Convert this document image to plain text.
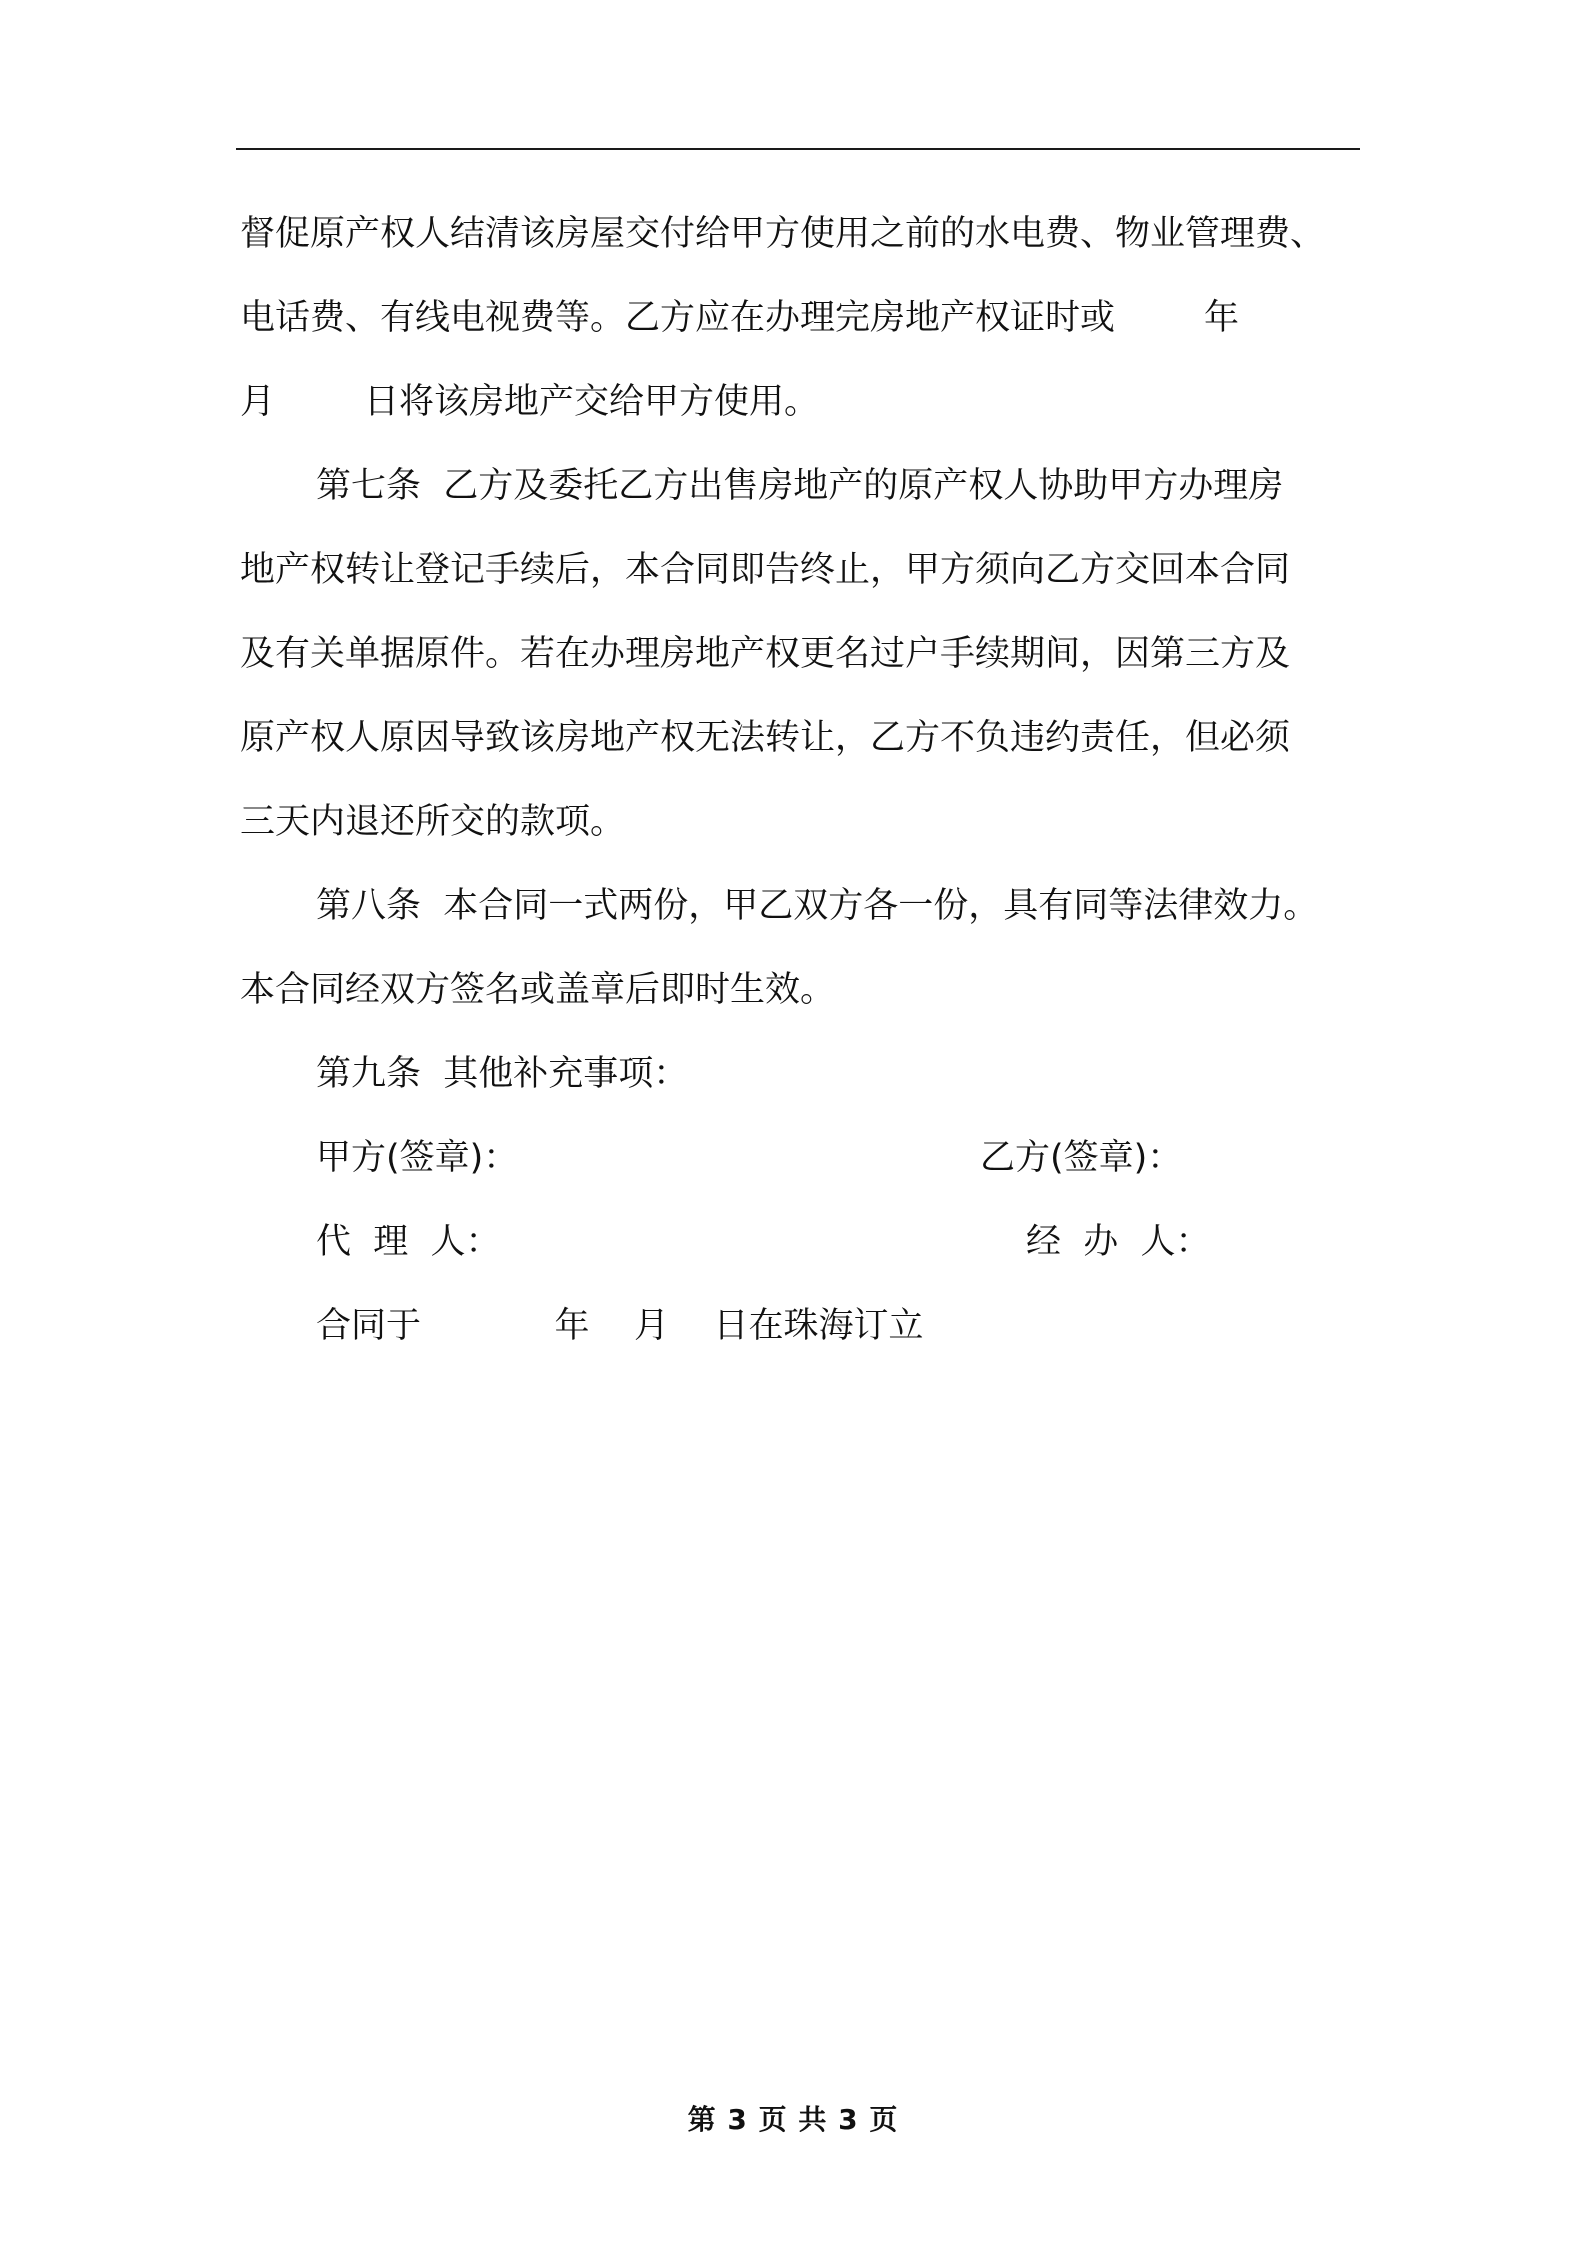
督促原产权人结清该房屋交付给甲方使用之前的水电费、物业管理费、
电话费、有线电视费等。乙方应在办理完房地产权证时或        年
月        日将该房地产交给甲方使用。
第七条  乙方及委托乙方出售房地产的原产权人协助甲方办理房
地产权转让登记手续后，本合同即告终止，甲方须向乙方交回本合同
及有关单据原件。若在办理房地产权更名过户手续期间，因第三方及
原产权人原因导致该房地产权无法转让，乙方不负违约责任，但必须
三天内退还所交的款项。
第八条  本合同一式两份，甲乙双方各一份，具有同等法律效力。
本合同经双方签名或盖章后即时生效。
第九条  其他补充事项：

甲方(签章)：

	乙方(签章)：

代  理  人：

	经  办  人：

合同于            年    月    日在珠海订立
第 3 页 共 3 页
